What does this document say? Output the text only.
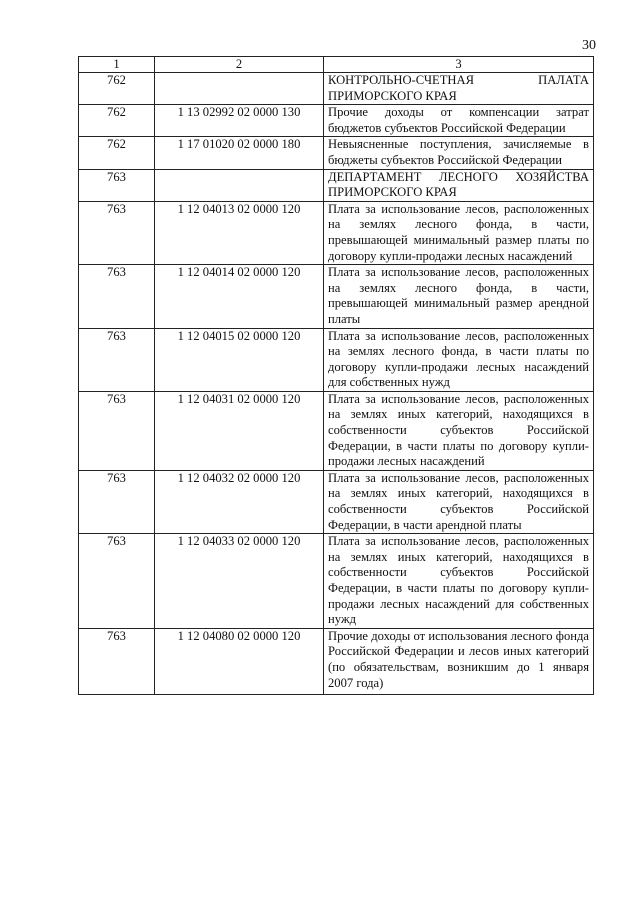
30
1	2	3
762		КОНТРОЛЬНО-СЧЕТНАЯ ПАЛАТА ПРИМОРСКОГО КРАЯ
762	1 13 02992 02 0000 130	Прочие доходы от компенсации затрат бюджетов субъектов Российской Федерации
762	1 17 01020 02 0000 180	Невыясненные поступления, зачисляемые в бюджеты субъектов Российской Федерации
763		ДЕПАРТАМЕНТ ЛЕСНОГО ХОЗЯЙСТВА ПРИМОРСКОГО КРАЯ
763	1 12 04013 02 0000 120	Плата за использование лесов, расположенных на землях лесного фонда, в части, превышающей минимальный размер платы по договору купли-продажи лесных насаждений
763	1 12 04014 02 0000 120	Плата за использование лесов, расположенных на землях лесного фонда, в части, превышающей минимальный размер арендной платы
763	1 12 04015 02 0000 120	Плата за использование лесов, расположенных на землях лесного фонда, в части платы по договору купли-продажи лесных насаждений для собственных нужд
763	1 12 04031 02 0000 120	Плата за использование лесов, расположенных на землях иных категорий, находящихся в собственности субъектов Российской Федерации, в части платы по договору купли-продажи лесных насаждений
763	1 12 04032 02 0000 120	Плата за использование лесов, расположенных на землях иных категорий, находящихся в собственности субъектов Российской Федерации, в части арендной платы
763	1 12 04033 02 0000 120	Плата за использование лесов, расположенных на землях иных категорий, находящихся в собственности субъектов Российской Федерации, в части платы по договору купли-продажи лесных насаждений для собственных нужд
763	1 12 04080 02 0000 120	Прочие доходы от использования лесного фонда Российской Федерации и лесов иных категорий (по обязательствам, возникшим до 1 января 2007 года)
